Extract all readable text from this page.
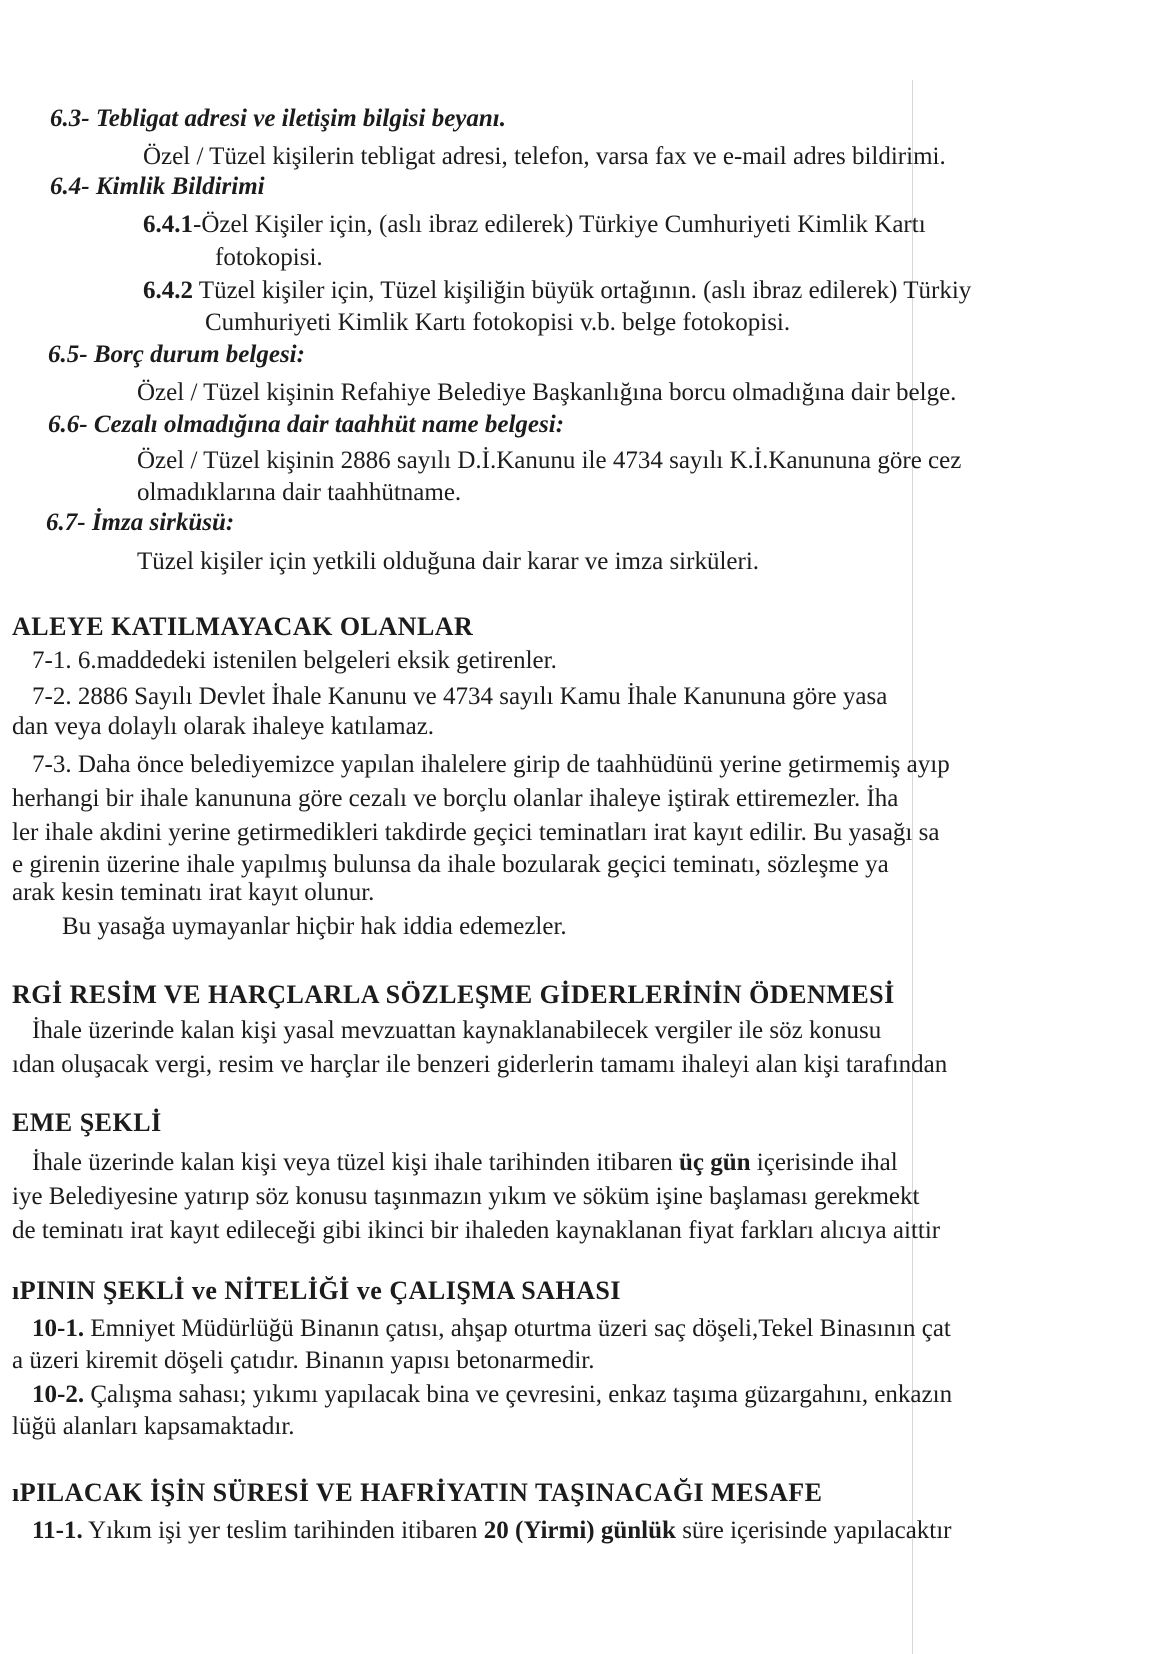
6.3- Tebligat adresi ve iletişim bilgisi beyanı.
Özel / Tüzel kişilerin tebligat adresi, telefon, varsa fax ve e-mail adres bildirimi.
6.4- Kimlik Bildirimi
6.4.1-Özel Kişiler için, (aslı ibraz edilerek) Türkiye Cumhuriyeti Kimlik Kartı
fotokopisi.
6.4.2 Tüzel kişiler için, Tüzel kişiliğin büyük ortağının. (aslı ibraz edilerek) Türkiy
Cumhuriyeti Kimlik Kartı fotokopisi v.b. belge fotokopisi.
6.5- Borç durum belgesi:
Özel / Tüzel kişinin Refahiye Belediye Başkanlığına borcu olmadığına dair belge.
6.6- Cezalı olmadığına dair taahhüt name belgesi:
Özel / Tüzel kişinin 2886 sayılı D.İ.Kanunu ile 4734 sayılı K.İ.Kanununa göre cez
olmadıklarına dair taahhütname.
6.7- İmza sirküsü:
Tüzel kişiler için yetkili olduğuna dair karar ve imza sirküleri.
ALEYE KATILMAYACAK OLANLAR
7-1. 6.maddedeki istenilen belgeleri eksik getirenler.
7-2. 2886 Sayılı Devlet İhale Kanunu ve 4734 sayılı Kamu İhale Kanununa göre yasa
dan veya dolaylı olarak ihaleye katılamaz.
7-3. Daha önce belediyemizce yapılan ihalelere girip de taahhüdünü yerine getirmemiş ayıp
herhangi bir ihale kanununa göre cezalı ve borçlu olanlar ihaleye iştirak ettiremezler. İha
ler ihale akdini yerine getirmedikleri takdirde geçici teminatları irat kayıt edilir. Bu yasağı sa
e girenin üzerine ihale yapılmış bulunsa da ihale bozularak geçici teminatı, sözleşme ya
arak kesin teminatı irat kayıt olunur.
Bu yasağa uymayanlar hiçbir hak iddia edemezler.
RGİ RESİM VE HARÇLARLA SÖZLEŞME GİDERLERİNİN ÖDENMESİ
İhale üzerinde kalan kişi yasal mevzuattan kaynaklanabilecek vergiler ile söz konusu
ıdan oluşacak vergi, resim ve harçlar ile benzeri giderlerin tamamı ihaleyi alan kişi tarafından
EME ŞEKLİ
İhale üzerinde kalan kişi veya tüzel kişi ihale tarihinden itibaren üç gün içerisinde ihal
iye Belediyesine yatırıp söz konusu taşınmazın yıkım ve söküm işine başlaması gerekmekt
de teminatı irat kayıt edileceği gibi ikinci bir ihaleden kaynaklanan fiyat farkları alıcıya aittir
ıPININ ŞEKLİ ve NİTELİĞİ ve ÇALIŞMA SAHASI
10-1. Emniyet Müdürlüğü Binanın çatısı, ahşap oturtma üzeri saç döşeli,Tekel Binasının çat
a üzeri kiremit döşeli çatıdır. Binanın yapısı betonarmedir.
10-2. Çalışma sahası; yıkımı yapılacak bina ve çevresini, enkaz taşıma güzargahını, enkazın
lüğü alanları kapsamaktadır.
ıPILACAK İŞİN SÜRESİ VE HAFRİYATIN TAŞINACAĞI MESAFE
11-1. Yıkım işi yer teslim tarihinden itibaren 20 (Yirmi) günlük süre içerisinde yapılacaktır
